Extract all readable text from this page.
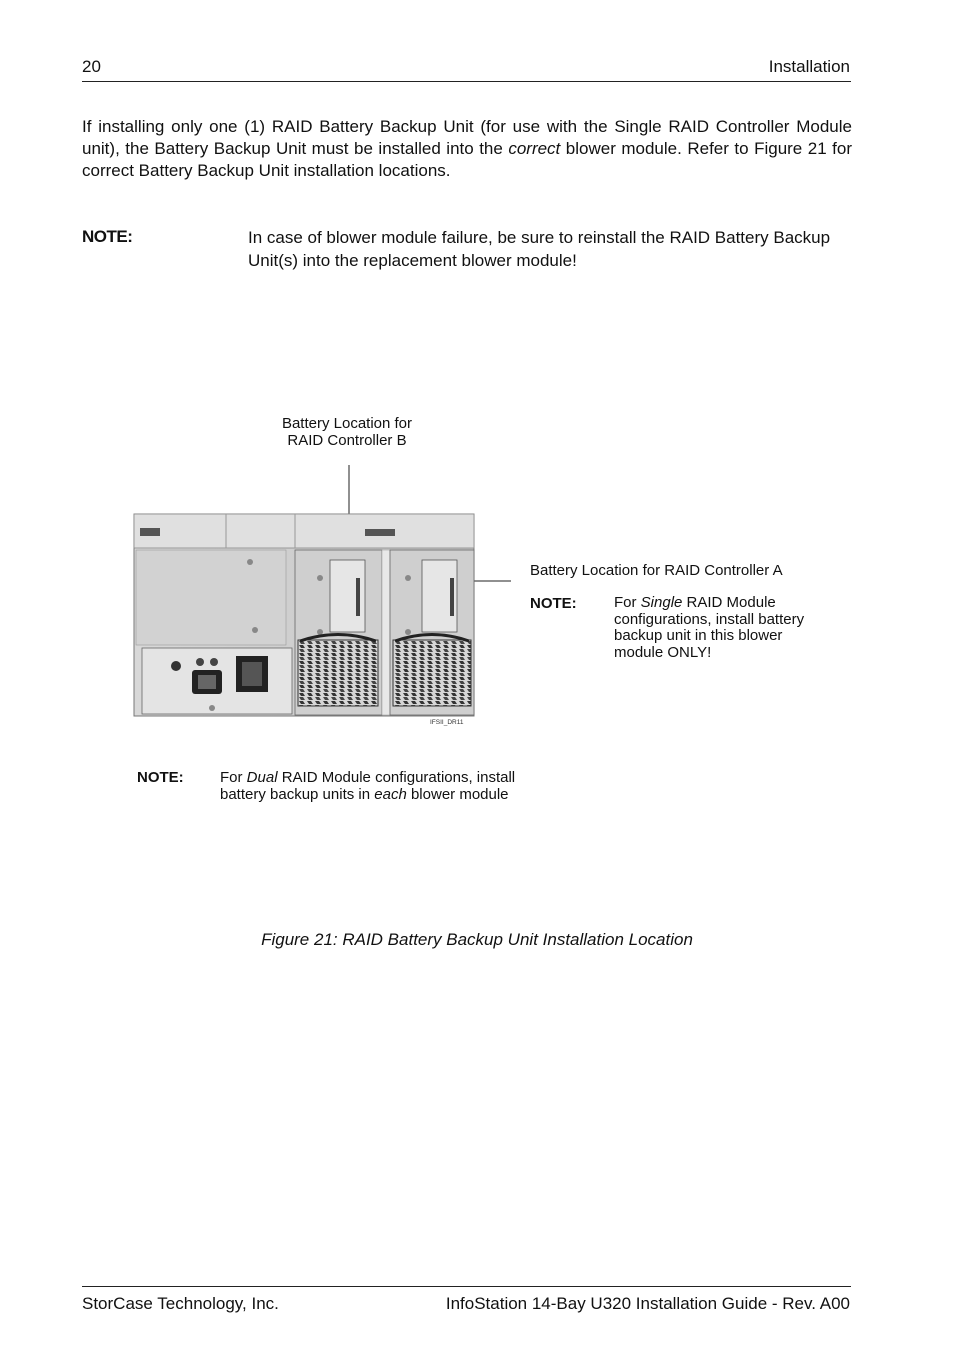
20	Installation
If installing only one (1) RAID Battery Backup Unit (for use with the Single RAID Controller Module unit), the Battery Backup Unit must be installed into the correct blower module. Refer to Figure 21 for correct Battery Backup Unit installation locations.
NOTE:	In case of blower module failure, be sure to reinstall the RAID Battery Backup Unit(s) into the replacement blower module!
Battery Location for
RAID Controller B
Battery Location for RAID Controller A
NOTE: For Single RAID Module configurations, install battery backup unit in this blower module ONLY!
IFSII_DR11
NOTE: For Dual RAID Module configurations, install battery backup units in each blower module
Figure 21: RAID Battery Backup Unit Installation Location
StorCase Technology, Inc.	InfoStation 14-Bay U320 Installation Guide - Rev. A00
